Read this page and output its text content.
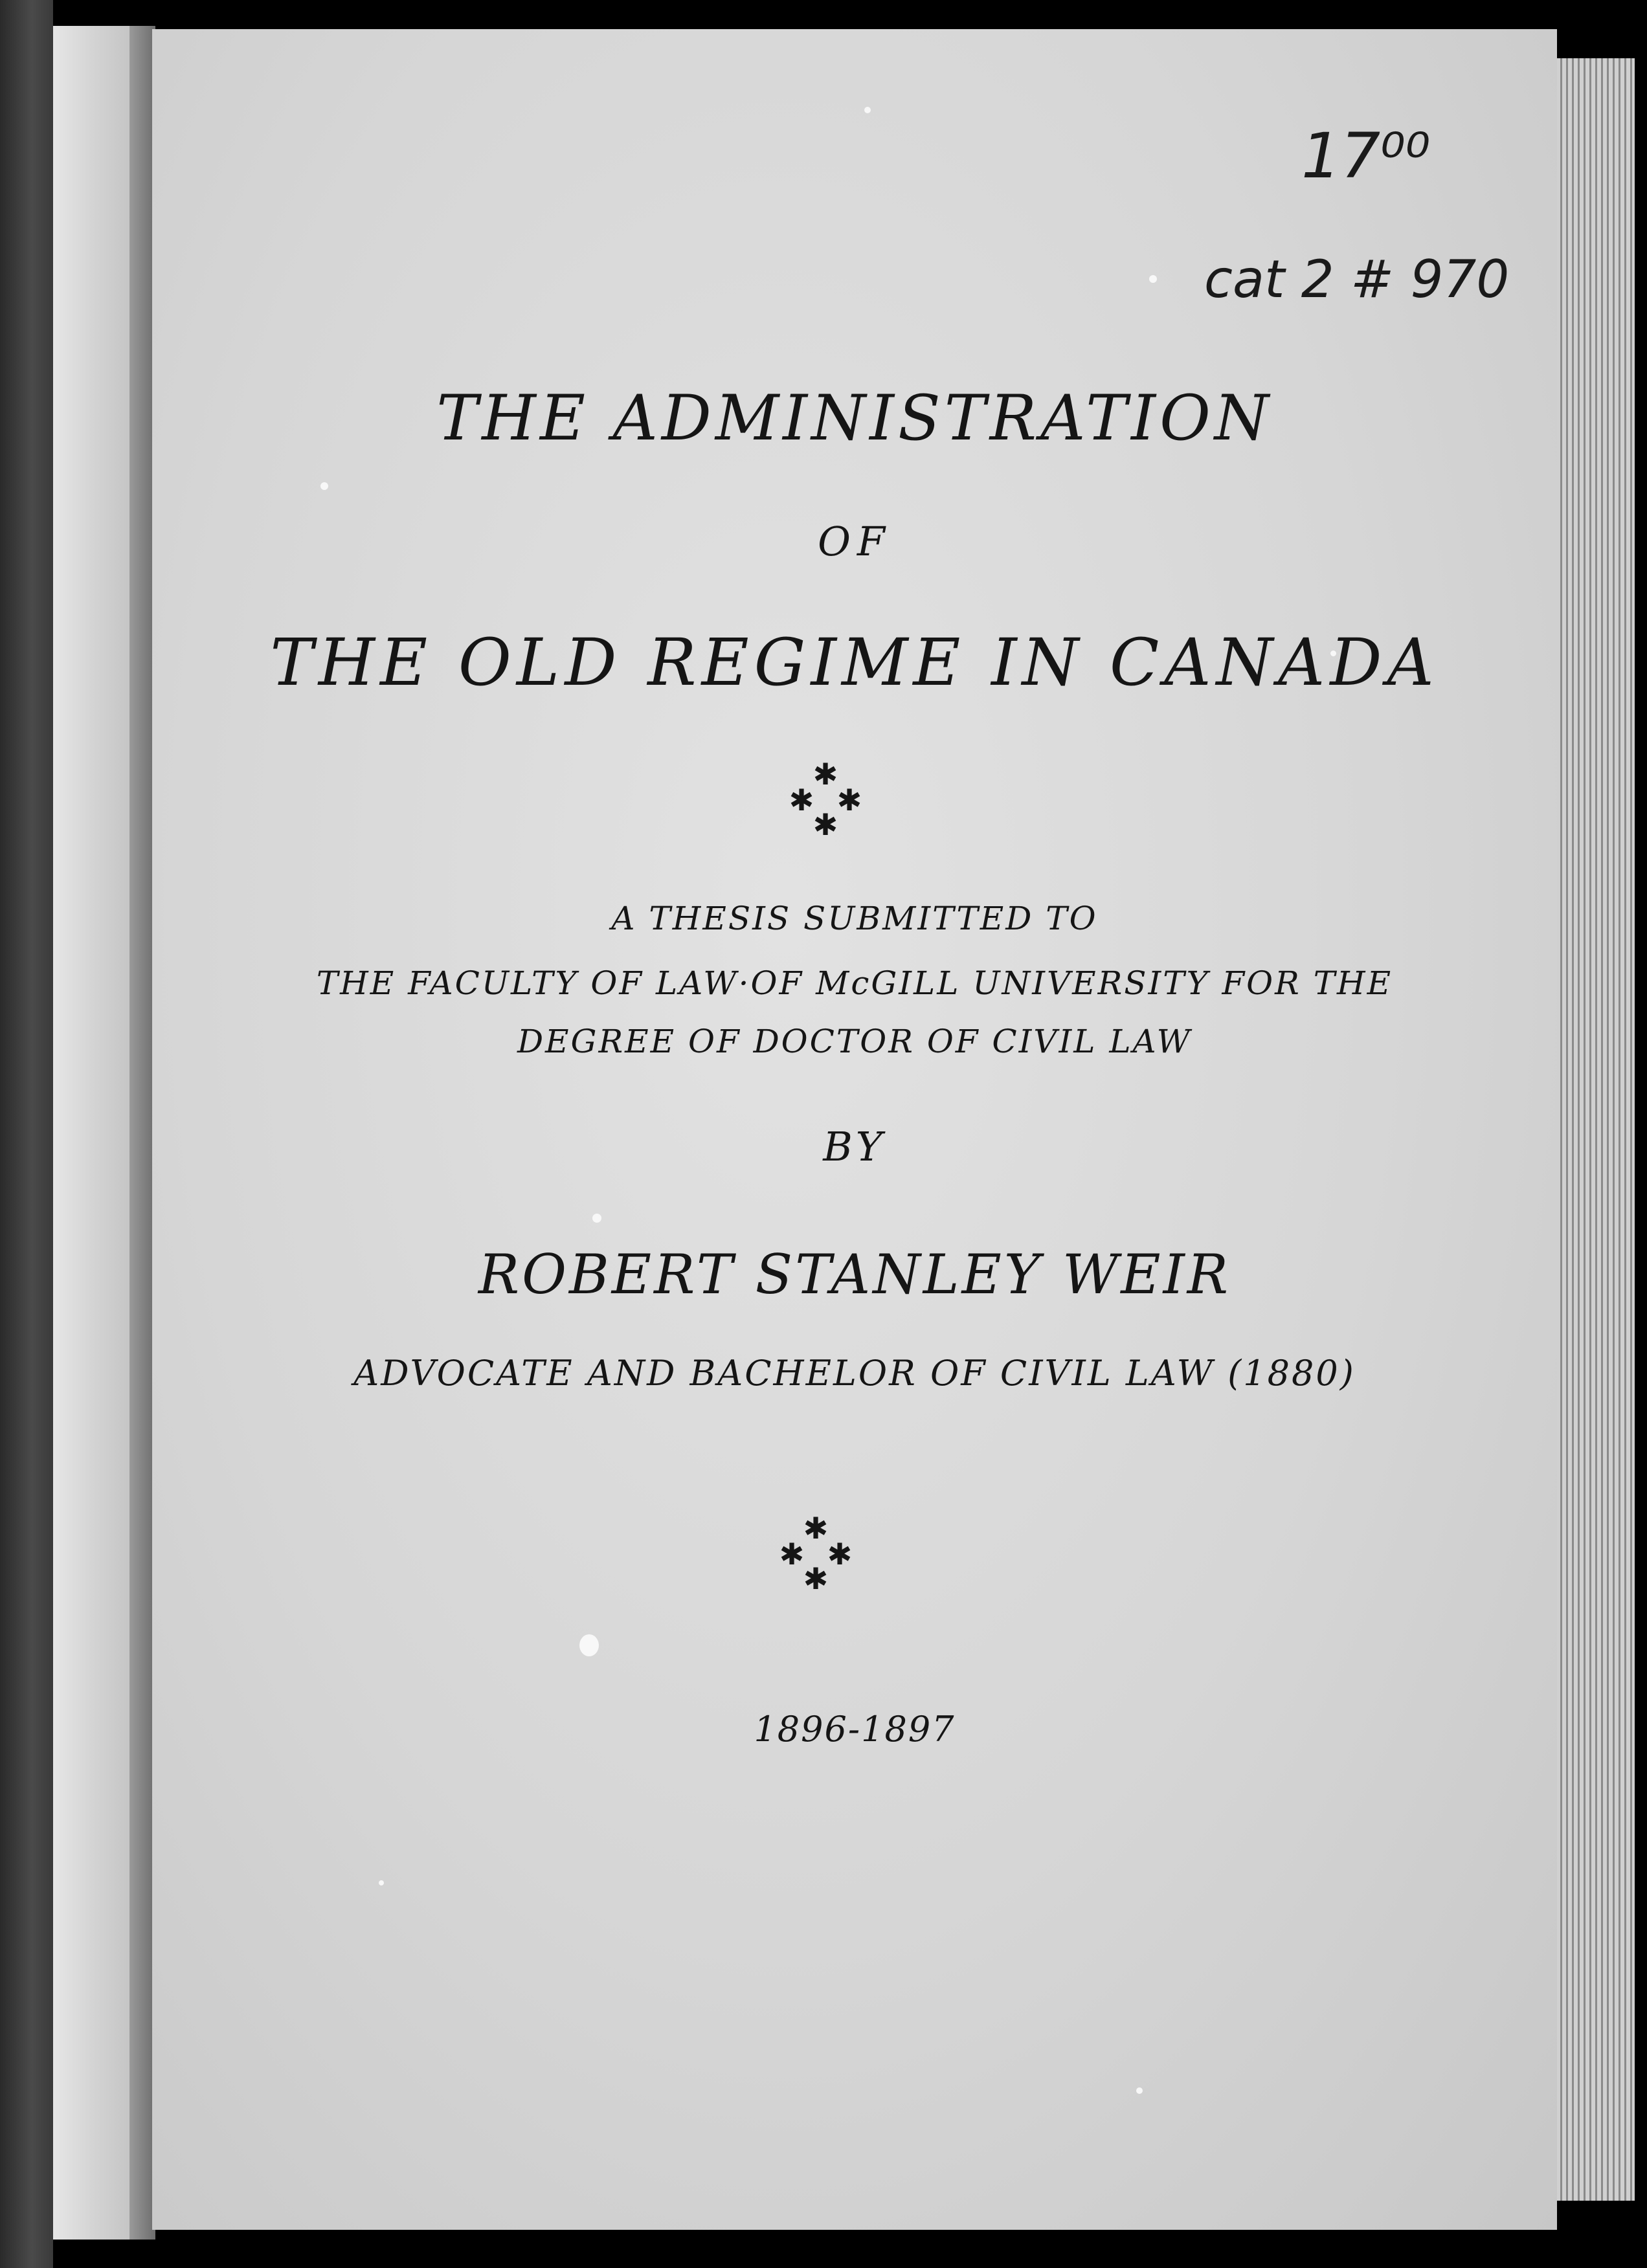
17⁰⁰
cat 2 # 970
THE ADMINISTRATION
OF
THE OLD REGIME IN CANADA
✱
✱ ✱
✱
A THESIS SUBMITTED TO
THE FACULTY OF LAW·OF McGILL UNIVERSITY FOR THE
DEGREE OF DOCTOR OF CIVIL LAW
BY
ROBERT STANLEY WEIR
ADVOCATE AND BACHELOR OF CIVIL LAW (1880)
✱
✱ ✱
✱
1896-1897
